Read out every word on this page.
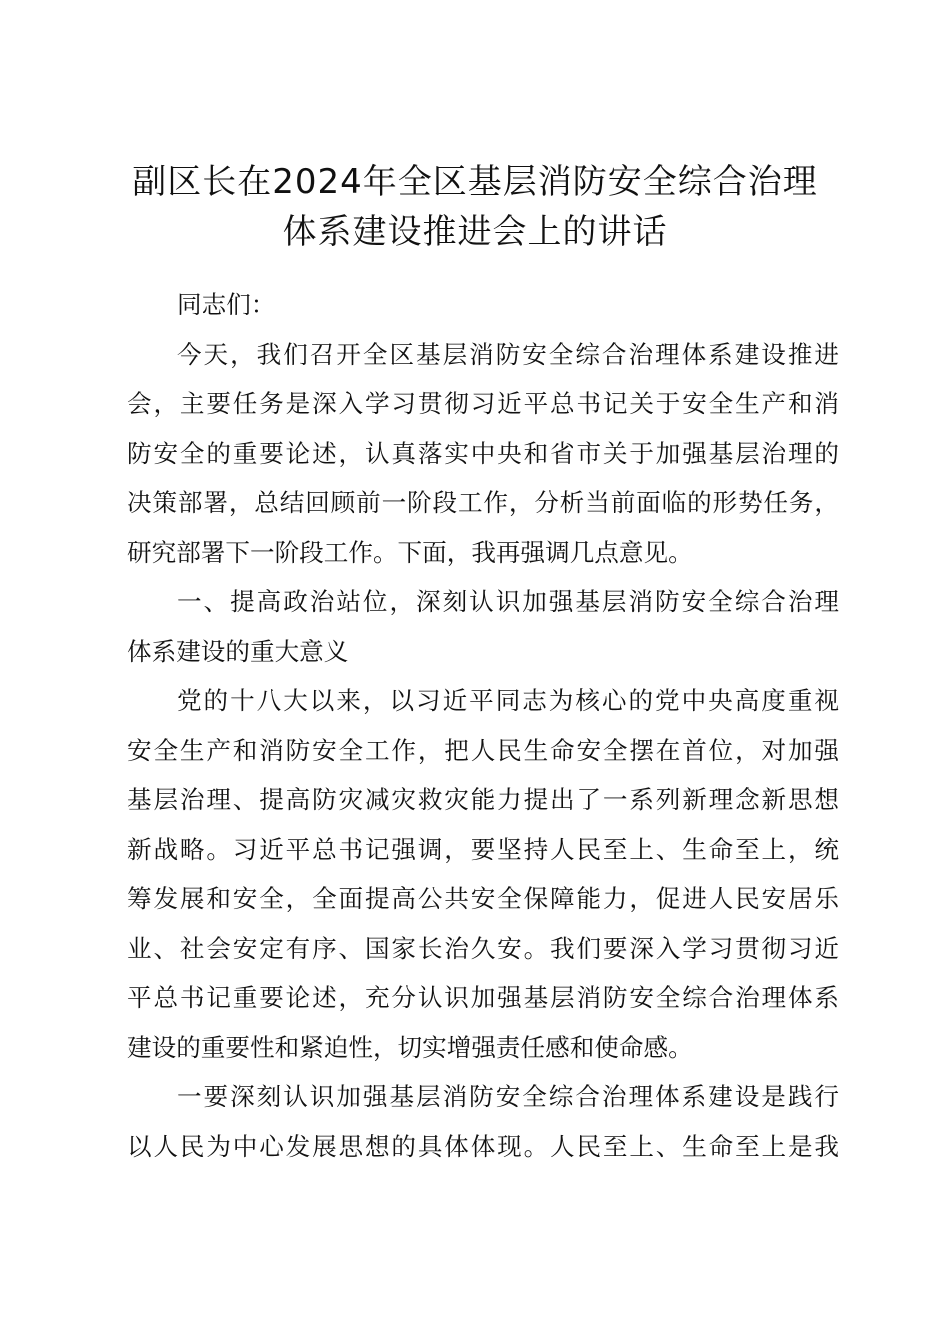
副区长在2024年全区基层消防安全综合治理
体系建设推进会上的讲话
同志们：
今天，我们召开全区基层消防安全综合治理体系建设推进
会，主要任务是深入学习贯彻习近平总书记关于安全生产和消
防安全的重要论述，认真落实中央和省市关于加强基层治理的
决策部署，总结回顾前一阶段工作，分析当前面临的形势任务，
研究部署下一阶段工作。下面，我再强调几点意见。
一、提高政治站位，深刻认识加强基层消防安全综合治理
体系建设的重大意义
党的十八大以来，以习近平同志为核心的党中央高度重视
安全生产和消防安全工作，把人民生命安全摆在首位，对加强
基层治理、提高防灾减灾救灾能力提出了一系列新理念新思想
新战略。习近平总书记强调，要坚持人民至上、生命至上，统
筹发展和安全，全面提高公共安全保障能力，促进人民安居乐
业、社会安定有序、国家长治久安。我们要深入学习贯彻习近
平总书记重要论述，充分认识加强基层消防安全综合治理体系
建设的重要性和紧迫性，切实增强责任感和使命感。
一要深刻认识加强基层消防安全综合治理体系建设是践行
以人民为中心发展思想的具体体现。人民至上、生命至上是我
